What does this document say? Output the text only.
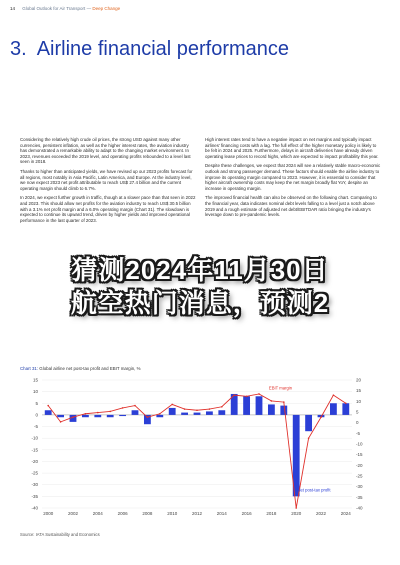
14 Global Outlook for Air Transport — Deep Change
3. Airline financial performance

Considering the relatively high crude oil prices, the strong USD against many other currencies, persistent inflation, as well as the higher interest rates, the aviation industry has demonstrated a remarkable ability to adapt to the changing market environment. In 2023, revenues exceeded the 2019 level, and operating profits rebounded to a level last seen in 2018.

Thanks to higher than anticipated yields, we have revised up our 2023 profits forecast for all regions, most notably in Asia Pacific, Latin America, and Europe. At the industry level, we now expect 2023 net profit attributable to reach US$ 27.4 billion and the current operating margin should climb to 6.7%.

In 2024, we expect further growth in traffic, though at a slower pace than that seen in 2022 and 2023. This should allow net profits for the aviation industry to reach US$ 30.5 billion with a 3.1% net profit margin and a 6.0% operating margin (Chart 31). The slowdown is expected to continue its upward trend, driven by higher yields and improved operational performance in the last quarter of 2023.

High interest rates tend to have a negative impact on net margins and typically impact airlines' financing costs with a lag. The full effect of the higher monetary policy is likely to be felt in 2024 and 2025. Furthermore, delays in aircraft deliveries have already driven operating lease prices to record highs, which are expected to impact profitability this year.

Despite these challenges, we expect that 2024 will see a relatively stable macro-economic outlook and strong passenger demand. These factors should enable the airline industry to improve its operating margin compared to 2023. However, it is essential to consider that higher aircraft ownership costs may keep the net margin broadly flat YoY, despite an increase in operating margin.

The improved financial health can also be observed on the following chart. Comparing to the financial year, data indicates nominal debt levels falling to a level just a notch above 2019 and a rough estimate of adjusted net debt/EBITDAR ratio bringing the industry's leverage down to pre-pandemic levels.

Chart 31: Global airline net post-tax profit and EBIT margin, %
15
10
5
0
-5
-10
-15
-20
-25
-30
-35
-40
20
15
10
5
0
-5
-10
-15
-20
-25
-30
-35
-40
2000	2002	2004	2006	2008	2010	2012	2014	2016	2018	2020	2022	2024
EBIT margin
Net post-tax profit
Source: IATA Sustainability and Economics
猜测2024年11月30日
航空热门消息，预测2
